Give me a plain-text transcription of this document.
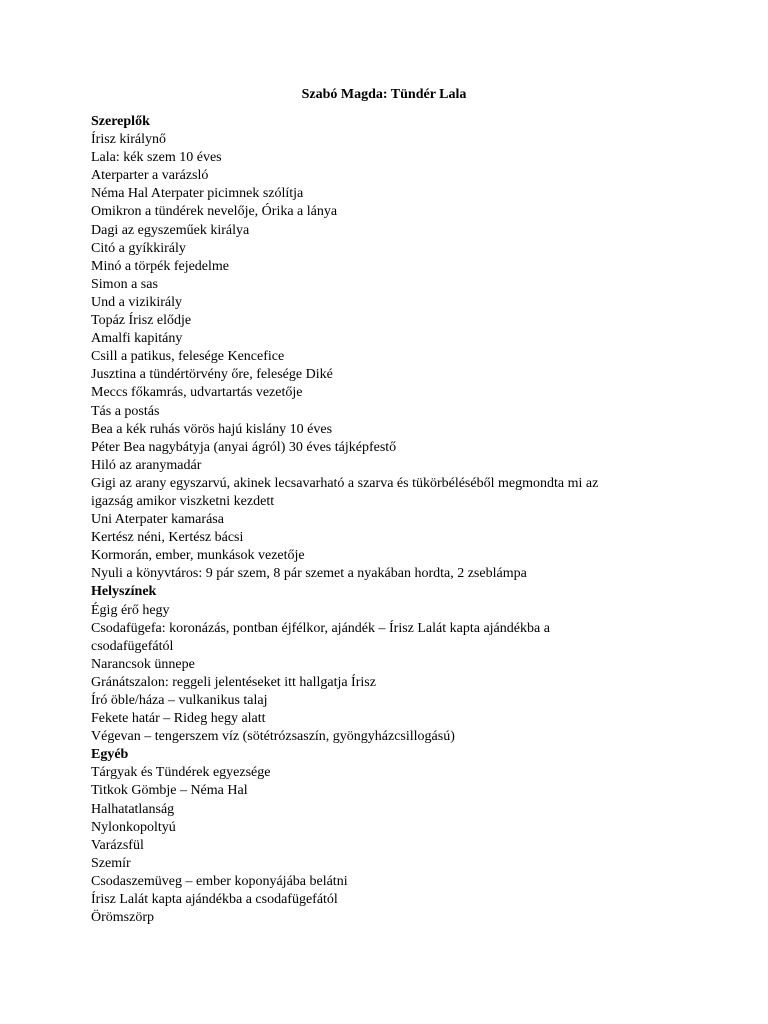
Szabó Magda: Tündér Lala
Szereplők
Írisz királynő
Lala: kék szem 10 éves
Aterparter a varázsló
Néma Hal Aterpater picimnek szólítja
Omikron a tündérek nevelője, Órika a lánya
Dagi az egyszeműek királya
Citó a gyíkkirály
Minó a törpék fejedelme
Simon a sas
Und a vizikirály
Topáz Írisz elődje
Amalfi kapitány
Csill a patikus, felesége Kencefice
Jusztina a tündértörvény őre, felesége Diké
Meccs főkamrás, udvartartás vezetője
Tás a postás
Bea a kék ruhás vörös hajú kislány 10 éves
Péter Bea nagybátyja (anyai ágról) 30 éves tájképfestő
Hiló az aranymadár
Gigi az arany egyszarvú, akinek lecsavarható a szarva és tükörbéléséből megmondta mi az
igazság amikor viszketni kezdett
Uni Aterpater kamarása
Kertész néni, Kertész bácsi
Kormorán, ember, munkások vezetője
Nyuli a könyvtáros: 9 pár szem, 8 pár szemet a nyakában hordta, 2 zseblámpa
Helyszínek
Égig érő hegy
Csodafügefa: koronázás, pontban éjfélkor, ajándék – Írisz Lalát kapta ajándékba a
csodafügefától
Narancsok ünnepe
Gránátszalon: reggeli jelentéseket itt hallgatja Írisz
Író öble/háza – vulkanikus talaj
Fekete határ – Rideg hegy alatt
Végevan – tengerszem víz (sötétrózsaszín, gyöngyházcsillogású)
Egyéb
Tárgyak és Tündérek egyezsége
Titkok Gömbje – Néma Hal
Halhatatlanság
Nylonkopoltyú
Varázsfül
Szemír
Csodaszemüveg – ember koponyájába belátni
Írisz Lalát kapta ajándékba a csodafügefától
Örömszörp
